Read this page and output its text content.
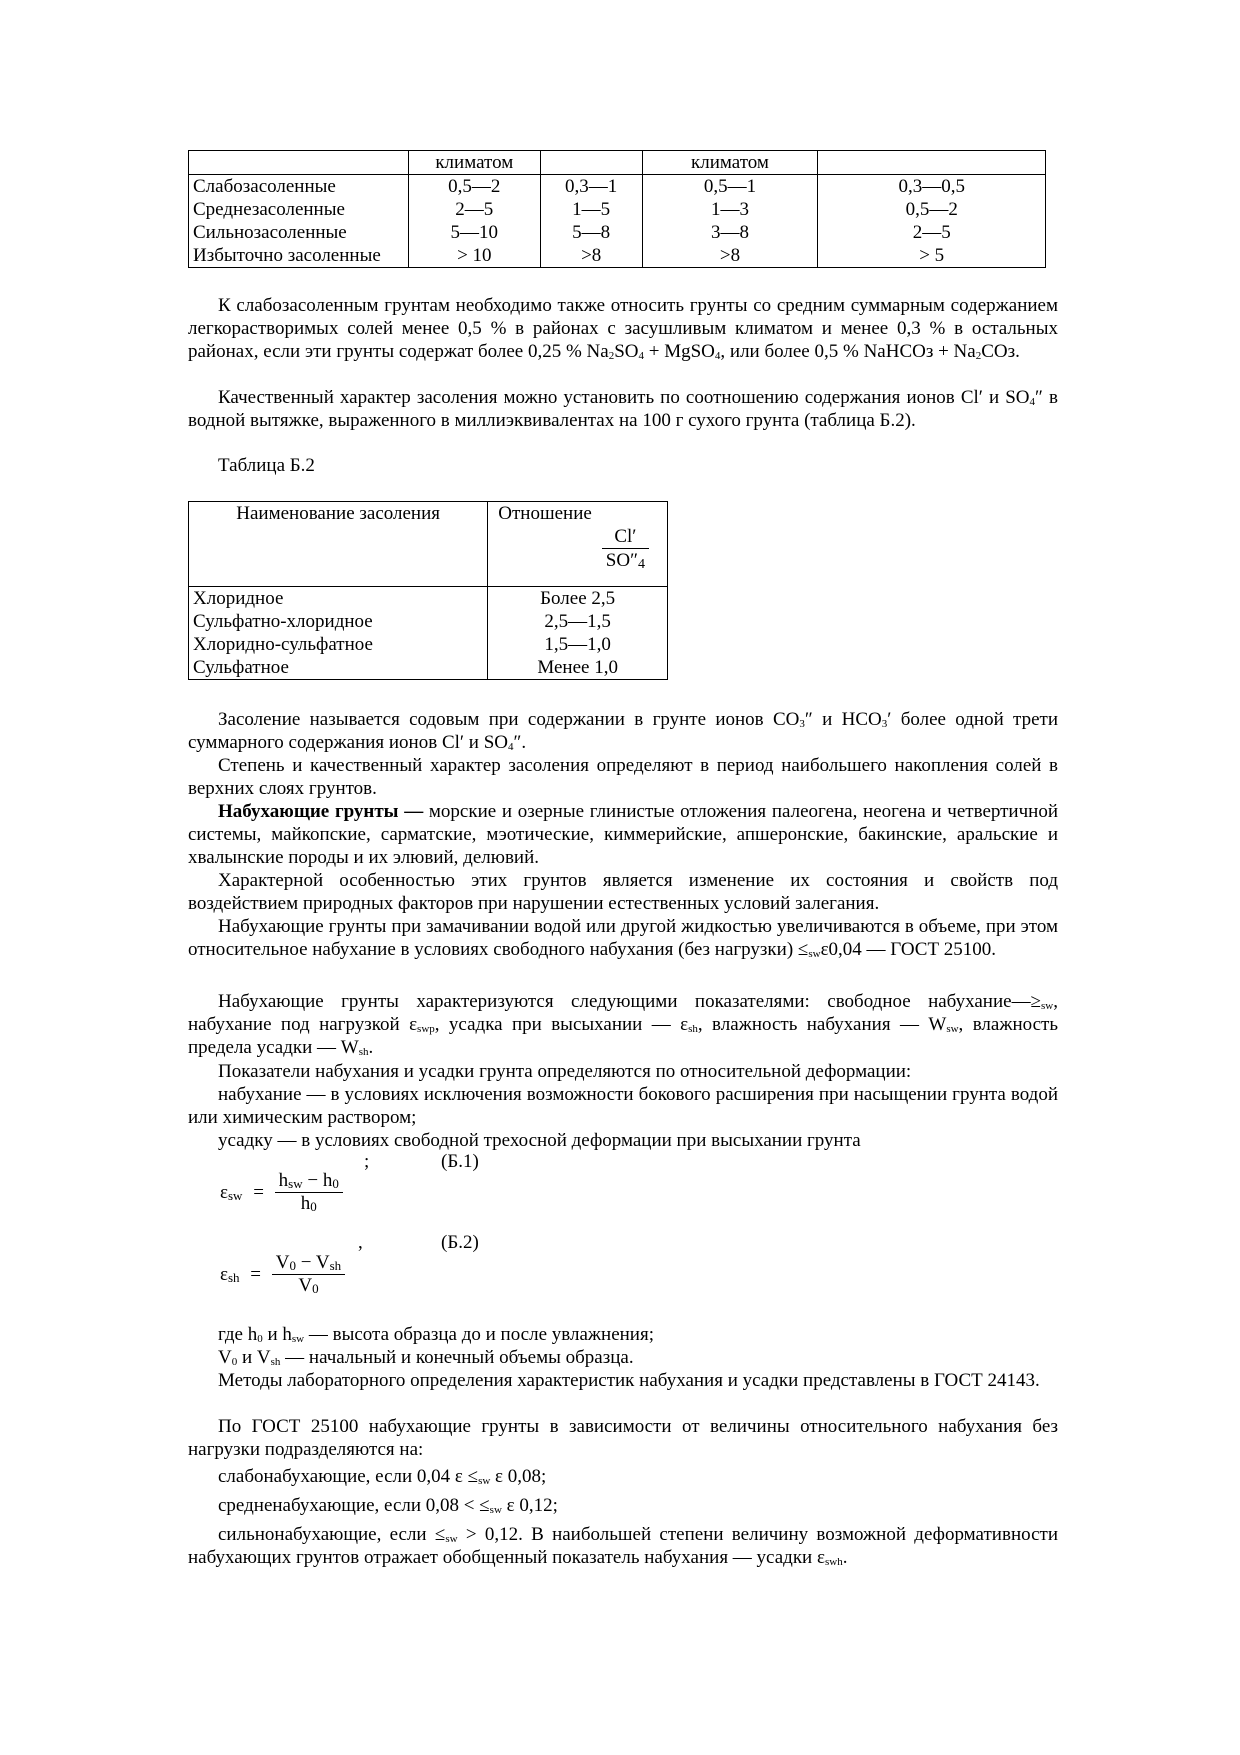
	климатом		климатом	
Слабозасоленные	0,5—2	0,3—1	0,5—1	0,3—0,5
Среднезасоленные	2—5	1—5	1—3	0,5—2
Сильнозасоленные	5—10	5—8	3—8	2—5
Избыточно засоленные	> 10	>8	>8	> 5

К слабозасоленным грунтам необходимо также относить грунты со средним суммарным содержанием легкорастворимых солей менее 0,5 % в районах с засушливым климатом и менее 0,3 % в остальных районах, если эти грунты содержат более 0,25 % $Na_2SO_4$ + MgSO$_4$, или более 0,5 % NaHCOз + $Na_2COз$.

Качественный характер засоления можно установить по соотношению содержания ионов Cl′ и $SO_4''$ в водной вытяжке, выраженного в миллиэквивалентах на 100 г сухого грунта (таблица Б.2).

Таблица Б.2
Наименование засоления	Отношение
$\frac{Cl'}{SO''_4}$

Хлоридное	Более 2,5
Сульфатно-хлоридное	2,5—1,5
Хлоридно-сульфатное	1,5—1,0
Сульфатное	Менее 1,0

Засоление называется содовым при содержании в грунте ионов $CO_3''$ и $HCO_3'$ более одной трети суммарного содержания ионов Cl′ и $SO_4''$.

Степень и качественный характер засоления определяют в период наибольшего накопления солей в верхних слоях грунтов.

Набухающие грунты — морские и озерные глинистые отложения палеогена, неогена и четвертичной системы, майкопские, сарматские, мэотические, киммерийские, апшеронские, бакинские, аральские и хвалынские породы и их элювий, делювий.

Характерной особенностью этих грунтов является изменение их состояния и свойств под воздействием природных факторов при нарушении естественных условий залегания.

Набухающие грунты при замачивании водой или другой жидкостью увеличиваются в объеме, при этом относительное набухание в условиях свободного набухания (без нагрузки) $\le_{sw}\varepsilon 0,04$ — ГОСТ 25100.

Набухающие грунты характеризуются следующими показателями: свободное $набухание—\ge_{sw}$, набухание под нагрузкой $\varepsilon_{swp}$, усадка при высыхании — $\varepsilon_{sh}$, влажность набухания — $W_{sw}$, влажность предела усадки — $W_{sh}$.

Показатели набухания и усадки грунта определяются по относительной деформации:

набухание — в условиях исключения возможности бокового расширения при насыщении грунта водой или химическим раствором;

усадку — в условиях свободной трехосной деформации при высыхании грунта

;	(Б.1)
$\varepsilon_{sw} = \frac{h_{sw} - h_0}{h_0}$
,	(Б.2)
$\varepsilon_{sh} = \frac{V_0 - V_{sh}}{V_0}$

где $h_0$ и $h_{sw}$ — высота образца до и после увлажнения;

$V_0$ и $V_{sh}$ — начальный и конечный объемы образца.

Методы лабораторного определения характеристик набухания и усадки представлены в ГОСТ 24143.

По ГОСТ 25100 набухающие грунты в зависимости от величины относительного набухания без нагрузки подразделяются на:

слабонабухающие, если 0,04 $\varepsilon \le_{sw}$ ε 0,08;

средненабухающие, если $0,08 < \le_{sw}$ ε 0,12;

сильнонабухающие, если $\le_{sw} > 0,12$. В наибольшей степени величину возможной деформативности набухающих грунтов отражает обобщенный показатель набухания — усадки $\varepsilon_{swh}$.
